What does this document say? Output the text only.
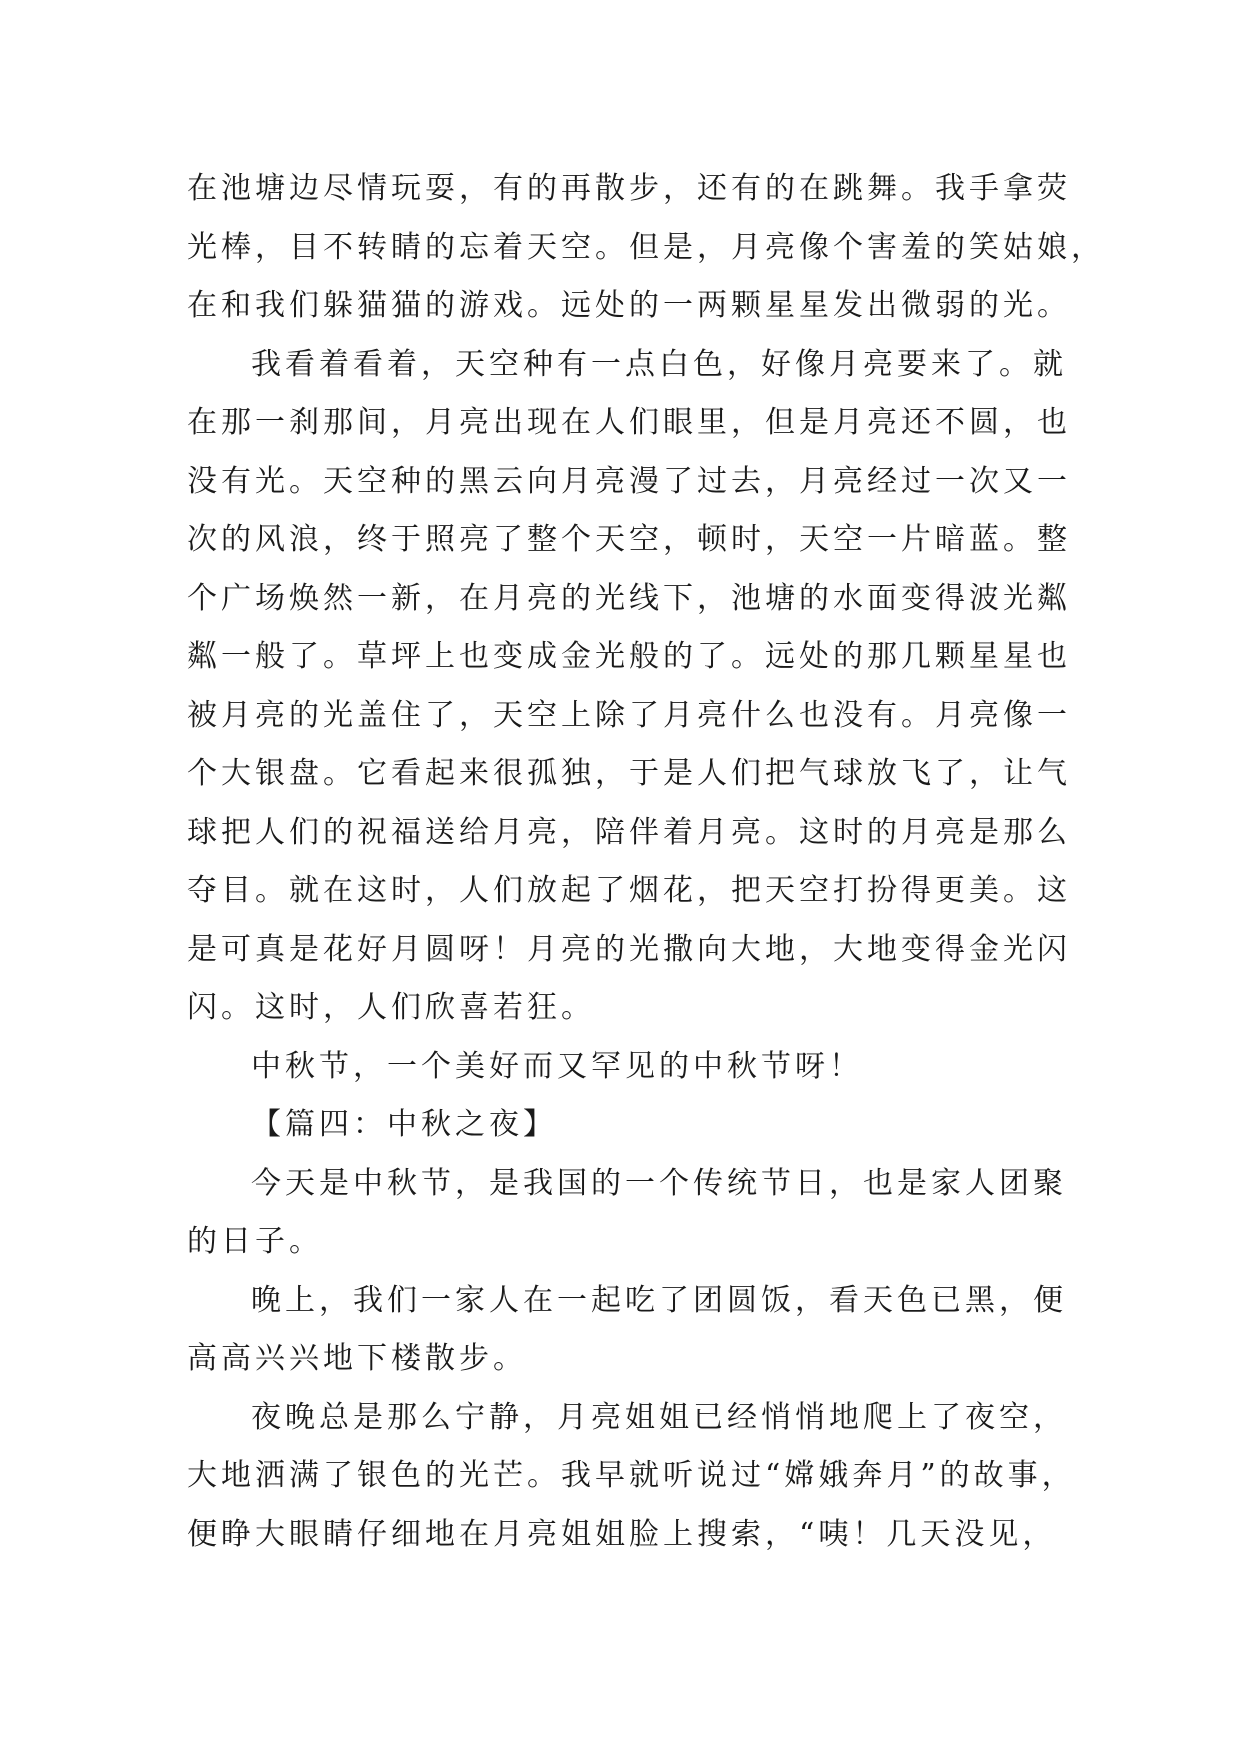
在池塘边尽情玩耍，有的再散步，还有的在跳舞。我手拿荧
光棒，目不转睛的忘着天空。但是，月亮像个害羞的笑姑娘，
在和我们躲猫猫的游戏。远处的一两颗星星发出微弱的光。
我看着看着，天空种有一点白色，好像月亮要来了。就
在那一刹那间，月亮出现在人们眼里，但是月亮还不圆，也
没有光。天空种的黑云向月亮漫了过去，月亮经过一次又一
次的风浪，终于照亮了整个天空，顿时，天空一片暗蓝。整
个广场焕然一新，在月亮的光线下，池塘的水面变得波光粼
粼一般了。草坪上也变成金光般的了。远处的那几颗星星也
被月亮的光盖住了，天空上除了月亮什么也没有。月亮像一
个大银盘。它看起来很孤独，于是人们把气球放飞了，让气
球把人们的祝福送给月亮，陪伴着月亮。这时的月亮是那么
夺目。就在这时，人们放起了烟花，把天空打扮得更美。这
是可真是花好月圆呀！月亮的光撒向大地，大地变得金光闪
闪。这时，人们欣喜若狂。
中秋节，一个美好而又罕见的中秋节呀！
【篇四：中秋之夜】
今天是中秋节，是我国的一个传统节日，也是家人团聚
的日子。
晚上，我们一家人在一起吃了团圆饭，看天色已黑，便
高高兴兴地下楼散步。
夜晚总是那么宁静，月亮姐姐已经悄悄地爬上了夜空，
大地洒满了银色的光芒。我早就听说过“嫦娥奔月”的故事，
便睁大眼睛仔细地在月亮姐姐脸上搜索，“咦！几天没见，
